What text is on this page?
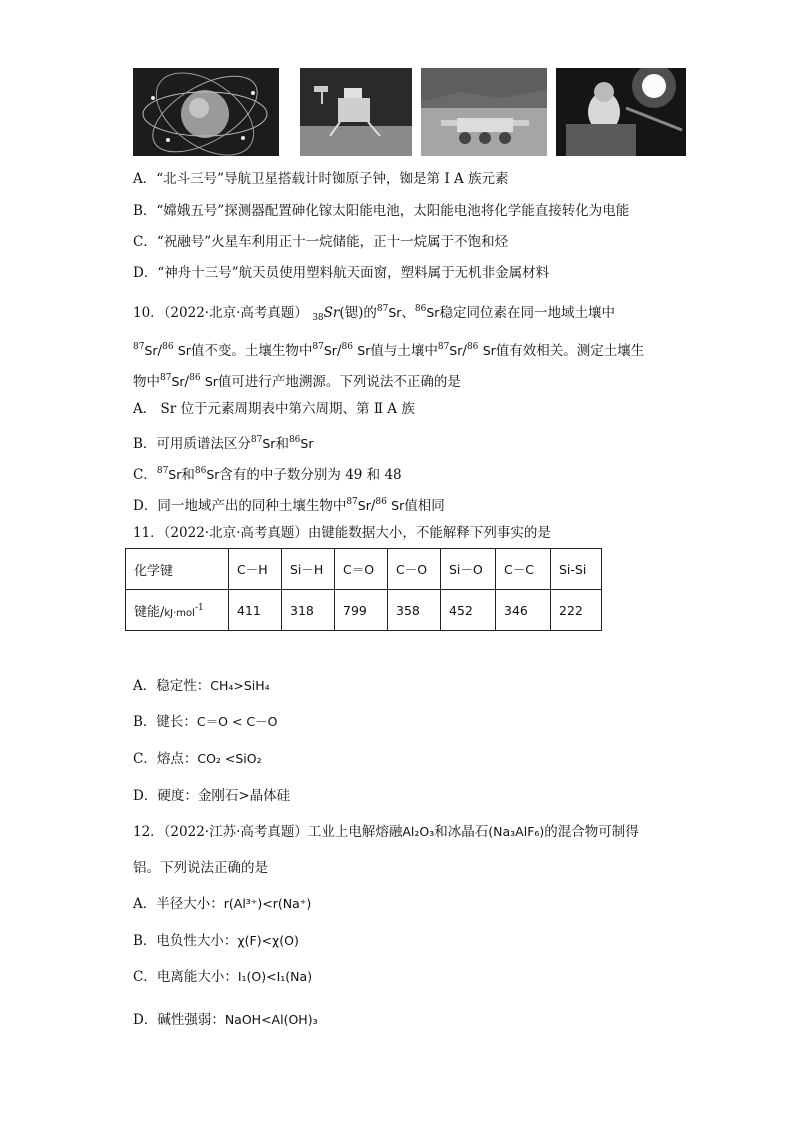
A．“北斗三号”导航卫星搭载计时铷原子钟，铷是第 Ⅰ A 族元素
B．“嫦娥五号”探测器配置砷化镓太阳能电池，太阳能电池将化学能直接转化为电能
C．“祝融号”火星车利用正十一烷储能，正十一烷属于不饱和烃
D．“神舟十三号”航天员使用塑料航天面窗，塑料属于无机非金属材料
10．（2022·北京·高考真题） $_{38}$Sr(锶)的$^{87}$Sr、$^{86}$Sr稳定同位素在同一地域土壤中
$^{87}$Sr/$^{86}$ Sr值不变。土壤生物中$^{87}$Sr/$^{86}$ Sr值与土壤中$^{87}$Sr/$^{86}$ Sr值有效相关。测定土壤生
物中$^{87}$Sr/$^{86}$ Sr值可进行产地溯源。下列说法不正确的是
A． Sr 位于元素周期表中第六周期、第 Ⅱ A 族
B．可用质谱法区分$^{87}$Sr和$^{86}$Sr
C．$^{87}$Sr和$^{86}$Sr含有的中子数分别为 49 和 48
D．同一地域产出的同种土壤生物中$^{87}$Sr/$^{86}$ Sr值相同
11．（2022·北京·高考真题）由键能数据大小，不能解释下列事实的是
化学键	C－H	Si－H	C＝O	C－O	Si－O	C－C	Si-Si
键能/kJ·mol$^{-1}$	411	318	799	358	452	346	222
A．稳定性：CH₄>SiH₄
B．键长：C＝O < C－O
C．熔点：CO₂ <SiO₂
D．硬度：金刚石>晶体硅
12．（2022·江苏·高考真题）工业上电解熔融Al₂O₃和冰晶石(Na₃AlF₆)的混合物可制得
铝。下列说法正确的是
A．半径大小：r(Al³⁺)<r(Na⁺)
B．电负性大小：χ(F)<χ(O)
C．电离能大小：I₁(O)<I₁(Na)
D．碱性强弱：NaOH<Al(OH)₃
